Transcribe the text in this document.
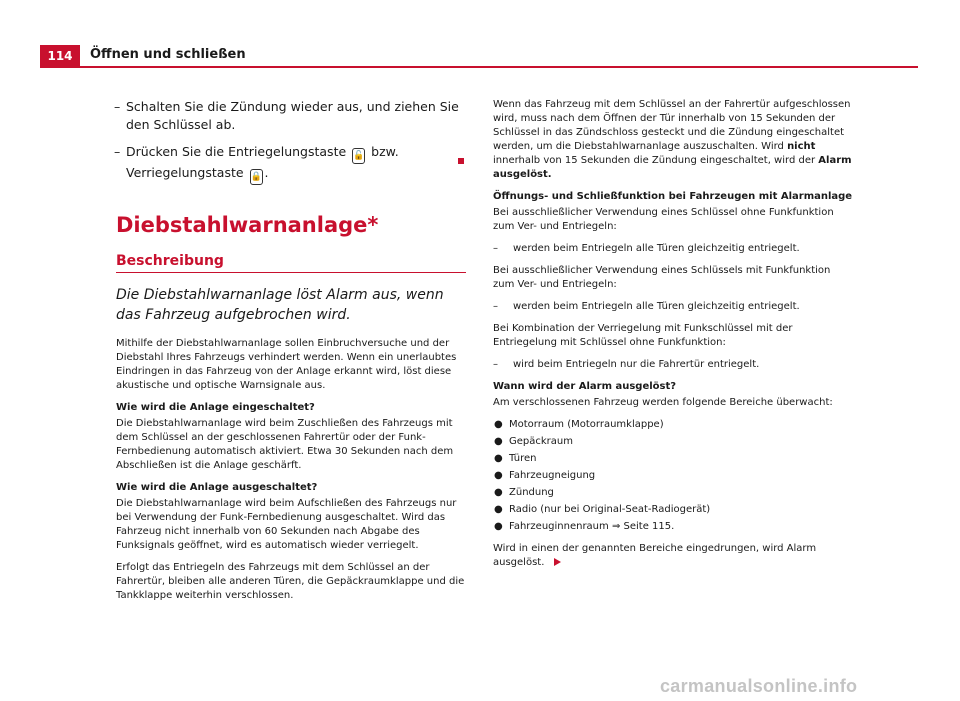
114	Öffnen und schließen
– Schalten Sie die Zündung wieder aus, und ziehen Sie den Schlüssel ab.
– Drücken Sie die Entriegelungstaste 🔓 bzw. Verriegelungstaste 🔒 .
Diebstahlwarnanlage*
Beschreibung
Die Diebstahlwarnanlage löst Alarm aus, wenn das Fahrzeug aufgebrochen wird.
Mithilfe der Diebstahlwarnanlage sollen Einbruchversuche und der Diebstahl Ihres Fahrzeugs verhindert werden. Wenn ein unerlaubtes Eindringen in das Fahrzeug von der Anlage erkannt wird, löst diese akustische und optische Warnsignale aus.
Wie wird die Anlage eingeschaltet?
Die Diebstahlwarnanlage wird beim Zuschließen des Fahrzeugs mit dem Schlüssel an der geschlossenen Fahrertür oder der Funk-Fernbedienung automatisch aktiviert. Etwa 30 Sekunden nach dem Abschließen ist die Anlage geschärft.
Wie wird die Anlage ausgeschaltet?
Die Diebstahlwarnanlage wird beim Aufschließen des Fahrzeugs nur bei Verwendung der Funk-Fernbedienung ausgeschaltet. Wird das Fahrzeug nicht innerhalb von 60 Sekunden nach Abgabe des Funksignals geöffnet, wird es automatisch wieder verriegelt.
Erfolgt das Entriegeln des Fahrzeugs mit dem Schlüssel an der Fahrertür, bleiben alle anderen Türen, die Gepäckraumklappe und die Tankklappe weiterhin verschlossen.
Wenn das Fahrzeug mit dem Schlüssel an der Fahrertür aufgeschlossen wird, muss nach dem Öffnen der Tür innerhalb von 15 Sekunden der Schlüssel in das Zündschloss gesteckt und die Zündung eingeschaltet werden, um die Diebstahlwarnanlage auszuschalten. Wird nicht innerhalb von 15 Sekunden die Zündung eingeschaltet, wird der Alarm ausgelöst.
Öffnungs- und Schließfunktion bei Fahrzeugen mit Alarmanlage
Bei ausschließlicher Verwendung eines Schlüssel ohne Funkfunktion zum Ver- und Entriegeln:
– werden beim Entriegeln alle Türen gleichzeitig entriegelt.
Bei ausschließlicher Verwendung eines Schlüssels mit Funkfunktion zum Ver- und Entriegeln:
– werden beim Entriegeln alle Türen gleichzeitig entriegelt.
Bei Kombination der Verriegelung mit Funkschlüssel mit der Entriegelung mit Schlüssel ohne Funkfunktion:
– wird beim Entriegeln nur die Fahrertür entriegelt.
Wann wird der Alarm ausgelöst?
Am verschlossenen Fahrzeug werden folgende Bereiche überwacht:
● Motorraum (Motorraumklappe)
● Gepäckraum
● Türen
● Fahrzeugneigung
● Zündung
● Radio (nur bei Original-Seat-Radiogerät)
● Fahrzeuginnenraum ⇒ Seite 115.
Wird in einen der genannten Bereiche eingedrungen, wird Alarm ausgelöst.
carmanualsonline.info
